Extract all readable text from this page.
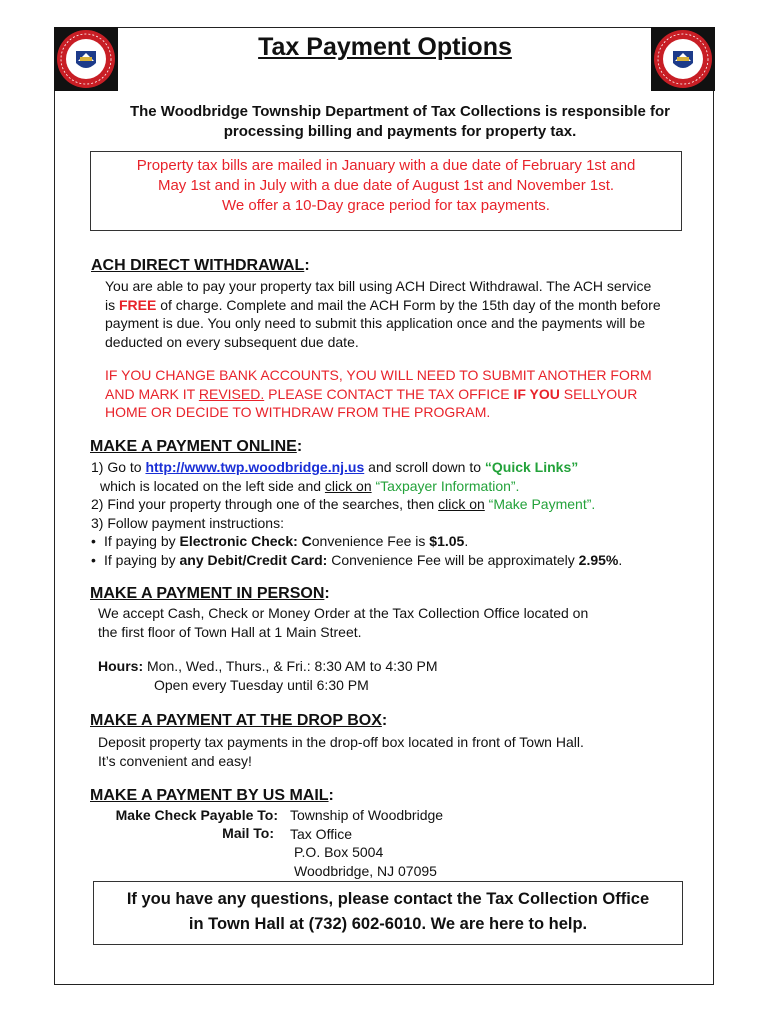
Tax Payment Options
The Woodbridge Township Department of Tax Collections is responsible for
processing billing and payments for property tax.
Property tax bills are mailed in January with a due date of February 1st and
May 1st and in July with a due date of August 1st and November 1st.
We offer a 10-Day grace period for tax payments.
ACH DIRECT WITHDRAWAL:
You are able to pay your property tax bill using ACH Direct Withdrawal. The ACH service
is FREE of charge. Complete and mail the ACH Form by the 15th day of the month before
payment is due. You only need to submit this application once and the payments will be
deducted on every subsequent due date.
IF YOU CHANGE BANK ACCOUNTS, YOU WILL NEED TO SUBMIT ANOTHER FORM
AND MARK IT REVISED. PLEASE CONTACT THE TAX OFFICE IF YOU SELLYOUR
HOME OR DECIDE TO WITHDRAW FROM THE PROGRAM.
MAKE A PAYMENT ONLINE:
1) Go to http://www.twp.woodbridge.nj.us and scroll down to “Quick Links”
which is located on the left side and click on “Taxpayer Information”.
2) Find your property through one of the searches, then click on “Make Payment”.
3) Follow payment instructions:
• If paying by Electronic Check: Convenience Fee is $1.05.
• If paying by any Debit/Credit Card: Convenience Fee will be approximately 2.95%.
MAKE A PAYMENT IN PERSON:
We accept Cash, Check or Money Order at the Tax Collection Office located on
the first floor of Town Hall at 1 Main Street.
Hours: Mon., Wed., Thurs., & Fri.: 8:30 AM to 4:30 PM
Open every Tuesday until 6:30 PM
MAKE A PAYMENT AT THE DROP BOX:
Deposit property tax payments in the drop-off box located in front of Town Hall.
It’s convenient and easy!
MAKE A PAYMENT BY US MAIL:
Make Check Payable To:
Mail To:
Township of Woodbridge
Tax Office
P.O. Box 5004
Woodbridge, NJ 07095
If you have any questions, please contact the Tax Collection Office
in Town Hall at (732) 602-6010. We are here to help.
